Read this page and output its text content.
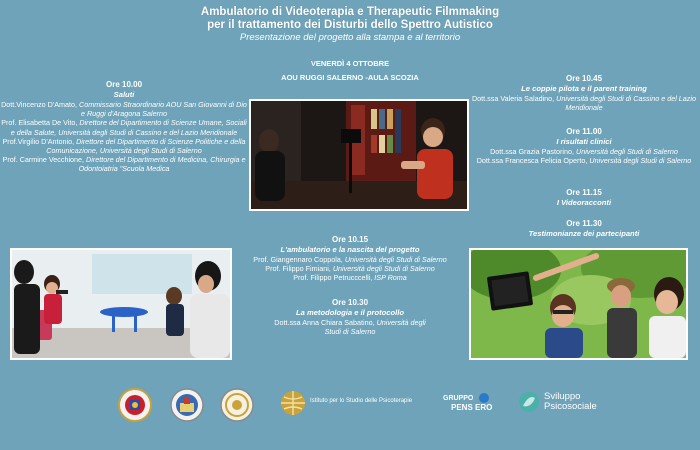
Ambulatorio di Videoterapia e Therapeutic Filmmaking
per il trattamento dei Disturbi dello Spettro Autistico
Presentazione del progetto alla stampa e al territorio
VENERDÌ 4 OTTOBRE
AOU RUGGI SALERNO -AULA SCOZIA
Ore 10.00
Saluti
Dott.Vincenzo D'Amato, Commissario Straordinario AOU San Giovanni di Dio e Ruggi d'Aragona Salerno
Prof. Elisabetta De Vito, Direttore del Dipartimento di Scienze Umane, Sociali e della Salute, Università degli Studi di Cassino e del Lazio Meridionale
Prof.Virgilio D'Antonio, Direttore del Dipartimento di Scienze Politiche e della Comunicazione, Università degli Studi di Salerno
Prof. Carmine Vecchione, Direttore del Dipartimento di Medicina, Chirurgia e Odontoiatria "Scuola Medica
Ore 10.15
L'ambulatorio e la nascita del progetto
Prof. Giangennaro Coppola, Università degli Studi di Salerno
Prof. Filippo Fimiani, Università degli Studi di Salerno
Prof. Filippo Petrucccelli, ISP Roma
Ore 10.30
La metodologia e il protocollo
Dott.ssa Anna Chiara Sabatino, Università degli Studi di Salerno
Ore 10.45
Le coppie pilota e il parent training
Dott.ssa Valeria Saladino, Università degli Studi di Cassino e del Lazio Meridionale
Ore 11.00
I risultati clinici
Dott.ssa Grazia Pastorino, Università degli Studi di Salerno
Dott.ssa Francesca Felicia Operto, Università degli Studi di Salerno
Ore 11.15
I Videoracconti
Ore 11.30
Testimonianze dei partecipanti
Istituto per lo Studio delle Psicoterapie	GRUPPO
PENS ERO
Sviluppo
Psicosociale
